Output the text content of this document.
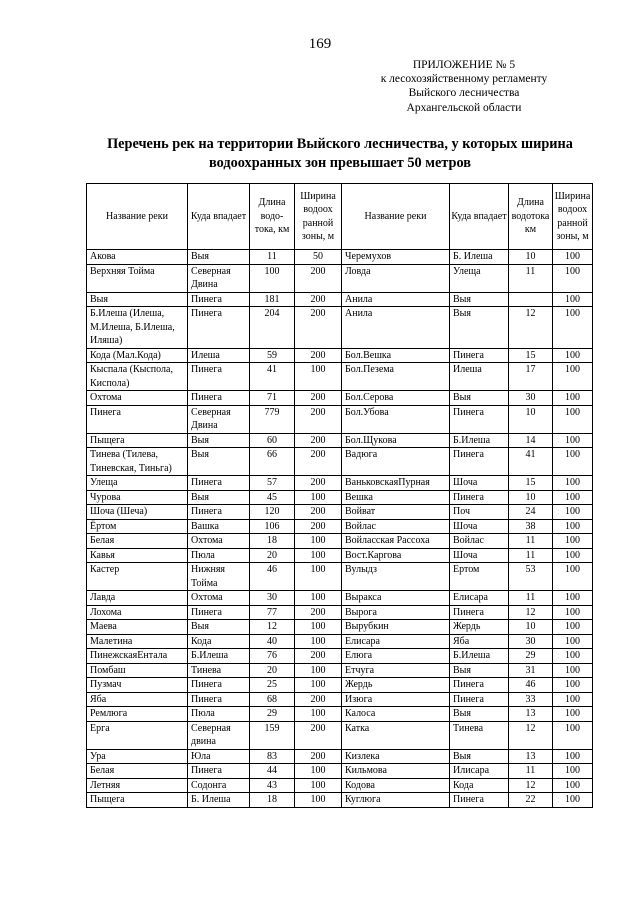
169
ПРИЛОЖЕНИЕ № 5
к лесохозяйственному регламенту
Выйского лесничества
Архангельской области
Перечень рек на территории Выйского лесничества, у которых ширина
водоохранных зон превышает 50 метров
Название реки	Куда впадает	Длина водо-тока, км	Ширина водоох ранной зоны, м	Название реки	Куда впадает	Длина водотока км	Ширина водоох ранной зоны, м
Акова	Выя	11	50	Черемухов	Б. Илеша	10	100
Верхняя Тойма	Северная Двина	100	200	Ловда	Улеща	11	100
Выя	Пинега	181	200	Анила	Выя		100
Б.Илеша (Илеша, М.Илеша, Б.Илеша, Иляша)	Пинега	204	200	Анила	Выя	12	100
Кода (Мал.Кода)	Илеша	59	200	Бол.Вешка	Пинега	15	100
Кыспала (Кыспола, Киспола)	Пинега	41	100	Бол.Пезема	Илеша	17	100
Охтома	Пинега	71	200	Бол.Серова	Выя	30	100
Пинега	Северная Двина	779	200	Бол.Убова	Пинега	10	100
Пыщега	Выя	60	200	Бол.Щукова	Б.Илеша	14	100
Тинева (Тилева, Тиневская, Тиньга)	Выя	66	200	Вадюга	Пинега	41	100
Улеща	Пинега	57	200	ВаньковскаяПурная	Шоча	15	100
Чурова	Выя	45	100	Вешка	Пинега	10	100
Шоча (Шеча)	Пинега	120	200	Войват	Поч	24	100
Ёртом	Вашка	106	200	Войлас	Шоча	38	100
Белая	Охтома	18	100	Войласская Рассоха	Войлас	11	100
Кавья	Пюла	20	100	Вост.Каргова	Шоча	11	100
Кастер	Нижняя Тойма	46	100	Вулыдз	Ертом	53	100
Лавда	Охтома	30	100	Выракса	Елисара	11	100
Лохома	Пинега	77	200	Вырога	Пинега	12	100
Маева	Выя	12	100	Вырубкин	Жердь	10	100
Малетина	Кода	40	100	Елисара	Яба	30	100
ПинежскаяЕнтала	Б.Илеша	76	200	Елюга	Б.Илеша	29	100
Помбаш	Тинева	20	100	Етчуга	Выя	31	100
Пузмач	Пинега	25	100	Жердь	Пинега	46	100
Яба	Пинега	68	200	Изюга	Пинега	33	100
Ремлюга	Пюла	29	100	Калоса	Выя	13	100
Ерга	Северная двина	159	200	Катка	Тинева	12	100
Ура	Юла	83	200	Кизлека	Выя	13	100
Белая	Пинега	44	100	Кильмова	Илисара	11	100
Летняя	Содонга	43	100	Кодова	Кода	12	100
Пыщега	Б. Илеша	18	100	Куглюга	Пинега	22	100
